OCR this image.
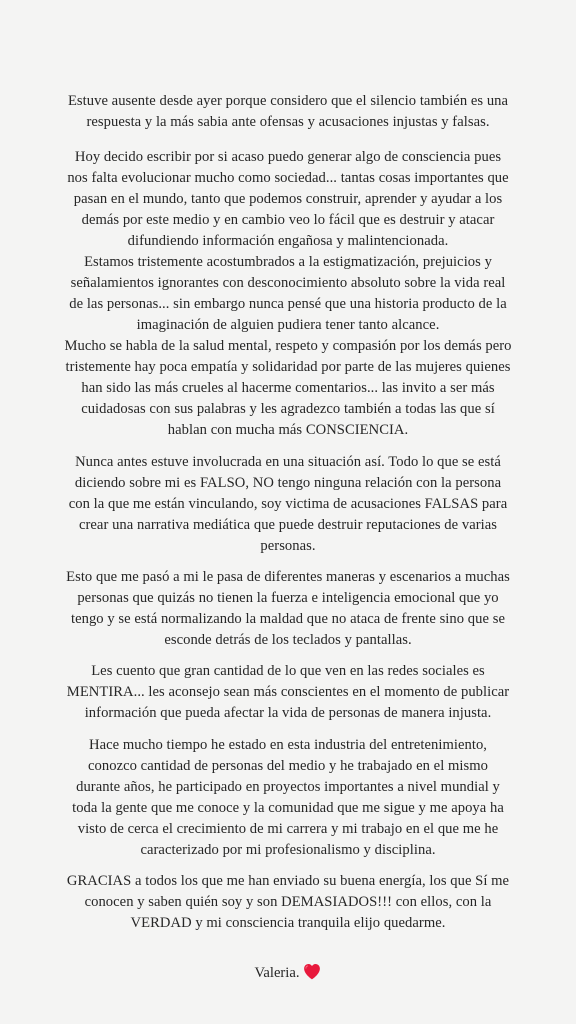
Estuve ausente desde ayer porque considero que el silencio también es una
respuesta y la más sabia ante ofensas y acusaciones injustas y falsas.
Hoy decido escribir por si acaso puedo generar algo de consciencia pues
nos falta evolucionar mucho como sociedad... tantas cosas importantes que
pasan en el mundo, tanto que podemos construir, aprender y ayudar a los
demás por este medio y en cambio veo lo fácil que es destruir y atacar
difundiendo información engañosa y malintencionada.
Estamos tristemente acostumbrados a la estigmatización, prejuicios y
señalamientos ignorantes con desconocimiento absoluto sobre la vida real
de las personas... sin embargo nunca pensé que una historia producto de la
imaginación de alguien pudiera tener tanto alcance.
Mucho se habla de la salud mental, respeto y compasión por los demás pero
tristemente hay poca empatía y solidaridad por parte de las mujeres quienes
han sido las más crueles al hacerme comentarios... las invito a ser más
cuidadosas con sus palabras y les agradezco también a todas las que sí
hablan con mucha más CONSCIENCIA.
Nunca antes estuve involucrada en una situación así. Todo lo que se está
diciendo sobre mi es FALSO, NO tengo ninguna relación con la persona
con la que me están vinculando, soy victima de acusaciones FALSAS para
crear una narrativa mediática que puede destruir reputaciones de varias
personas.
Esto que me pasó a mi le pasa de diferentes maneras y escenarios a muchas
personas que quizás no tienen la fuerza e inteligencia emocional que yo
tengo y se está normalizando la maldad que no ataca de frente sino que se
esconde detrás de los teclados y pantallas.
Les cuento que gran cantidad de lo que ven en las redes sociales es
MENTIRA... les aconsejo sean más conscientes en el momento de publicar
información que pueda afectar la vida de personas de manera injusta.
Hace mucho tiempo he estado en esta industria del entretenimiento,
conozco cantidad de personas del medio y he trabajado en el mismo
durante años, he participado en proyectos importantes a nivel mundial y
toda la gente que me conoce y la comunidad que me sigue y me apoya ha
visto de cerca el crecimiento de mi carrera y mi trabajo en el que me he
caracterizado por mi profesionalismo y disciplina.
GRACIAS a todos los que me han enviado su buena energía, los que Sí me
conocen y saben quién soy y son DEMASIADOS!!! con ellos, con la
VERDAD y mi consciencia tranquila elijo quedarme.
Valeria.
